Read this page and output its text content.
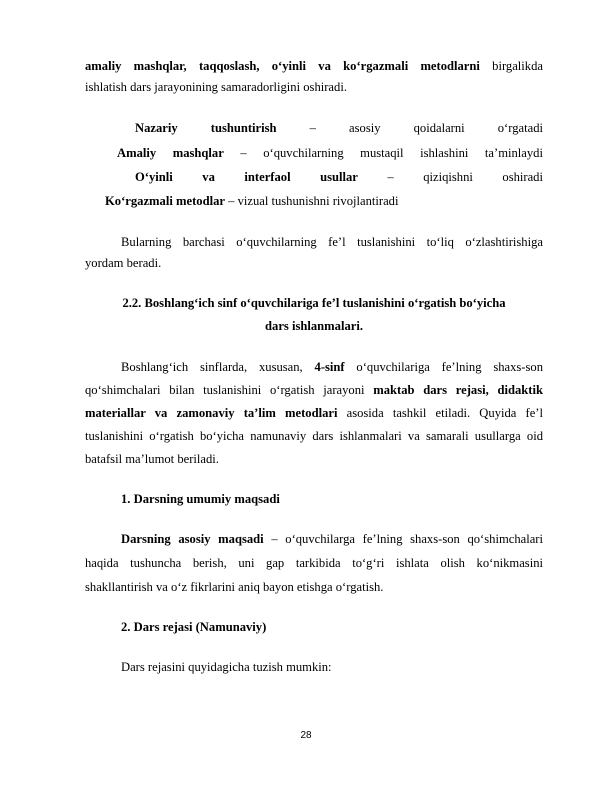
amaliy mashqlar, taqqoslash, o‘yinli va ko‘rgazmali metodlarni birgalikda
ishlatish dars jarayonining samaradorligini oshiradi.
Nazariy tushuntirish – asosiy qoidalarni o‘rgatadi
Amaliy mashqlar – o‘quvchilarning mustaqil ishlashini ta’minlaydi
O‘yinli va interfaol usullar – qiziqishni oshiradi
Ko‘rgazmali metodlar – vizual tushunishni rivojlantiradi
Bularning barchasi o‘quvchilarning fe’l tuslanishini to‘liq o‘zlashtirishiga
yordam beradi.
2.2. Boshlang‘ich sinf o‘quvchilariga fe’l tuslanishini o‘rgatish bo‘yicha
dars ishlanmalari.
Boshlang‘ich sinflarda, xususan, 4-sinf o‘quvchilariga fe’lning shaxs-son
qo‘shimchalari bilan tuslanishini o‘rgatish jarayoni maktab dars rejasi, didaktik
materiallar va zamonaviy ta’lim metodlari asosida tashkil etiladi. Quyida fe’l
tuslanishini o‘rgatish bo‘yicha namunaviy dars ishlanmalari va samarali usullarga oid
batafsil ma’lumot beriladi.
1. Darsning umumiy maqsadi
Darsning asosiy maqsadi – o‘quvchilarga fe’lning shaxs-son qo‘shimchalari
haqida tushuncha berish, uni gap tarkibida to‘g‘ri ishlata olish ko‘nikmasini
shakllantirish va o‘z fikrlarini aniq bayon etishga o‘rgatish.
2. Dars rejasi (Namunaviy)
Dars rejasini quyidagicha tuzish mumkin:
28
